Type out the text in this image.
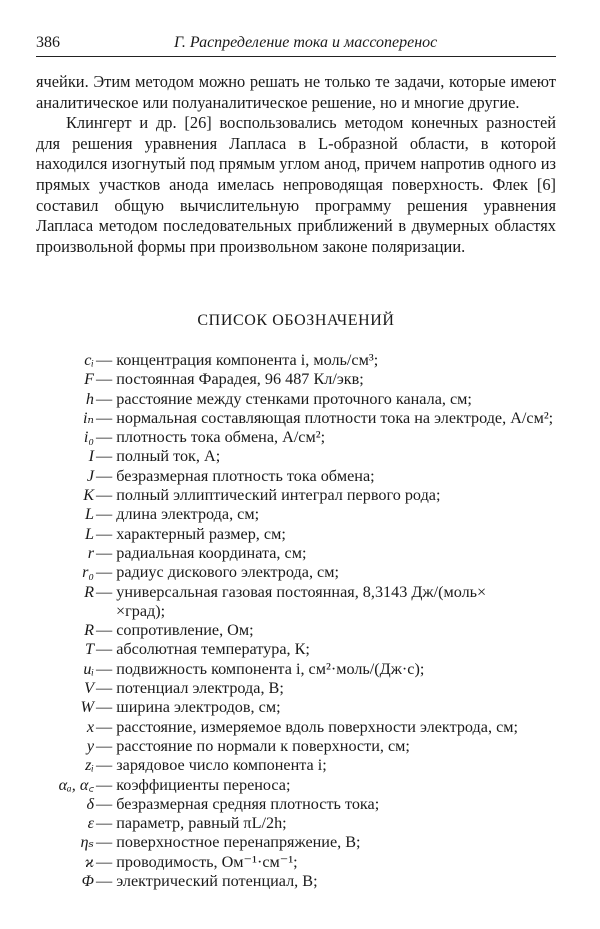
386	Г. Распределение тока и массоперенос

ячейки. Этим методом можно решать не только те задачи, которые имеют аналитическое или полуаналитическое решение, но и многие другие.

Клингерт и др. [26] воспользовались методом конечных разностей для решения уравнения Лапласа в L-образной области, в которой находился изогнутый под прямым углом анод, причем напротив одного из прямых участков анода имелась непроводящая поверхность. Флек [6] составил общую вычислительную программу решения уравнения Лапласа методом последовательных приближений в двумерных областях произвольной формы при произвольном законе поляризации.

СПИСОК ОБОЗНАЧЕНИЙ
cᵢ — концентрация компонента i, моль/см³;
F — постоянная Фарадея, 96 487 Кл/экв;
h — расстояние между стенками проточного канала, см;
iₙ — нормальная составляющая плотности тока на электроде, А/см²;
i₀ — плотность тока обмена, А/см²;
I — полный ток, А;
J — безразмерная плотность тока обмена;
K — полный эллиптический интеграл первого рода;
L — длина электрода, см;
L — характерный размер, см;
r — радиальная координата, см;
r₀ — радиус дискового электрода, см;
R — универсальная газовая постоянная, 8,3143 Дж/(моль×
×град);
R — сопротивление, Ом;
T — абсолютная температура, К;
uᵢ — подвижность компонента i, см²·моль/(Дж·с);
V — потенциал электрода, В;
W — ширина электродов, см;
x — расстояние, измеряемое вдоль поверхности электрода, см;
y — расстояние по нормали к поверхности, см;
zᵢ — зарядовое число компонента i;
αₐ, α꜀ — коэффициенты переноса;
δ — безразмерная средняя плотность тока;
ε — параметр, равный πL/2h;
ηₛ — поверхностное перенапряжение, В;
ϰ — проводимость, Ом⁻¹·см⁻¹;
Φ — электрический потенциал, В;
